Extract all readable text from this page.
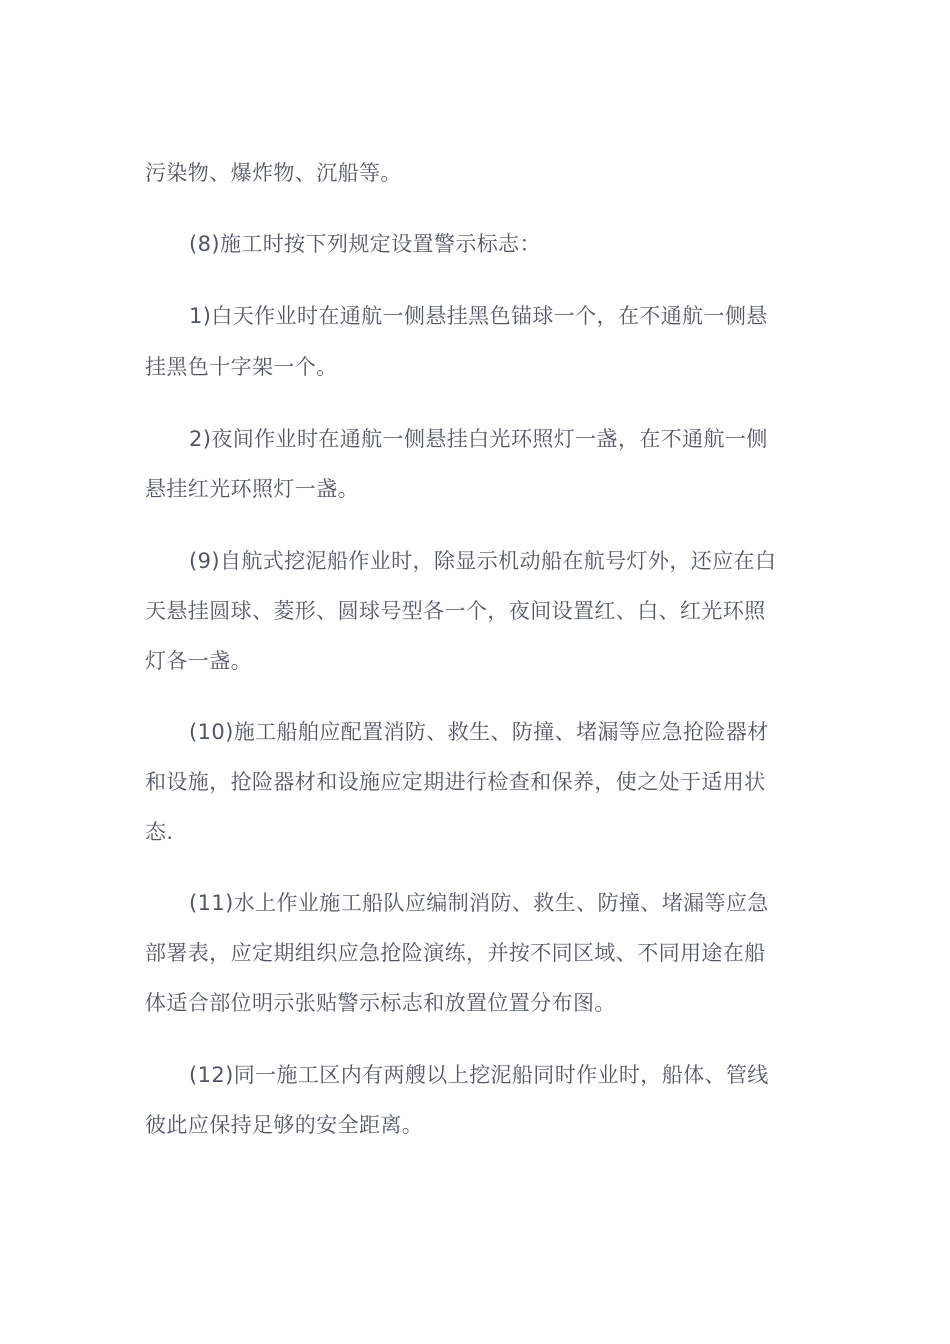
污染物、爆炸物、沉船等。
(8)施工时按下列规定设置警示标志：
1)白天作业时在通航一侧悬挂黑色锚球一个，在不通航一侧悬
挂黑色十字架一个。
2)夜间作业时在通航一侧悬挂白光环照灯一盏，在不通航一侧
悬挂红光环照灯一盏。
(9)自航式挖泥船作业时，除显示机动船在航号灯外，还应在白
天悬挂圆球、菱形、圆球号型各一个，夜间设置红、白、红光环照
灯各一盏。
(10)施工船舶应配置消防、救生、防撞、堵漏等应急抢险器材
和设施，抢险器材和设施应定期进行检查和保养，使之处于适用状
态.
(11)水上作业施工船队应编制消防、救生、防撞、堵漏等应急
部署表，应定期组织应急抢险演练，并按不同区域、不同用途在船
体适合部位明示张贴警示标志和放置位置分布图。
(12)同一施工区内有两艘以上挖泥船同时作业时，船体、管线
彼此应保持足够的安全距离。
